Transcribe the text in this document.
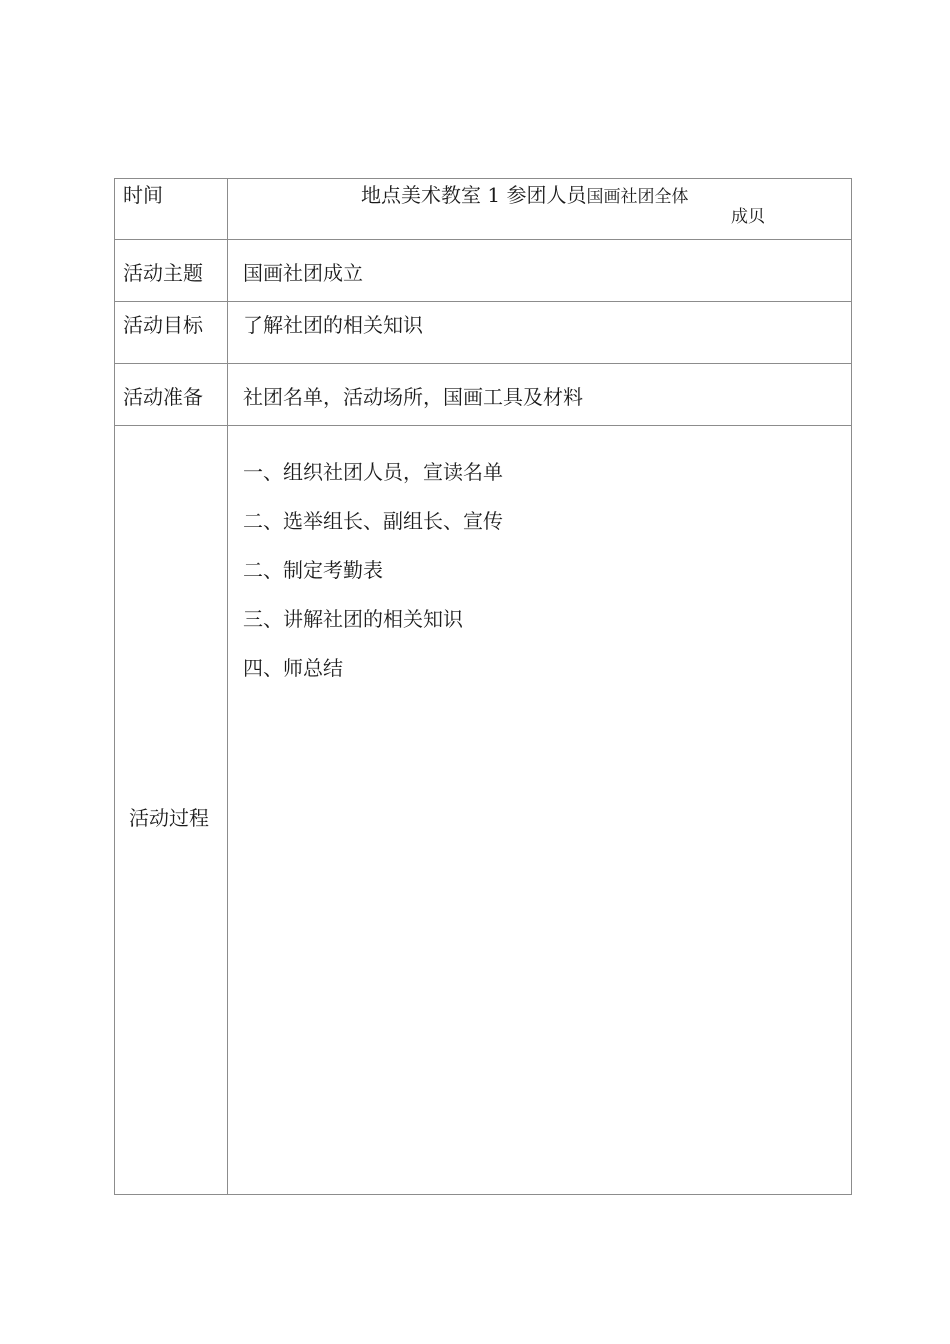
时间	地点美术教室 1 参团人员国画社团全体
成贝
活动主题 国画社团成立
活动目标 了解社团的相关知识
活动准备 社团名单，活动场所，国画工具及材料
活动过程
一、组织社团人员，宣读名单
二、选举组长、副组长、宣传
二、制定考勤表
三、讲解社团的相关知识
四、师总结
